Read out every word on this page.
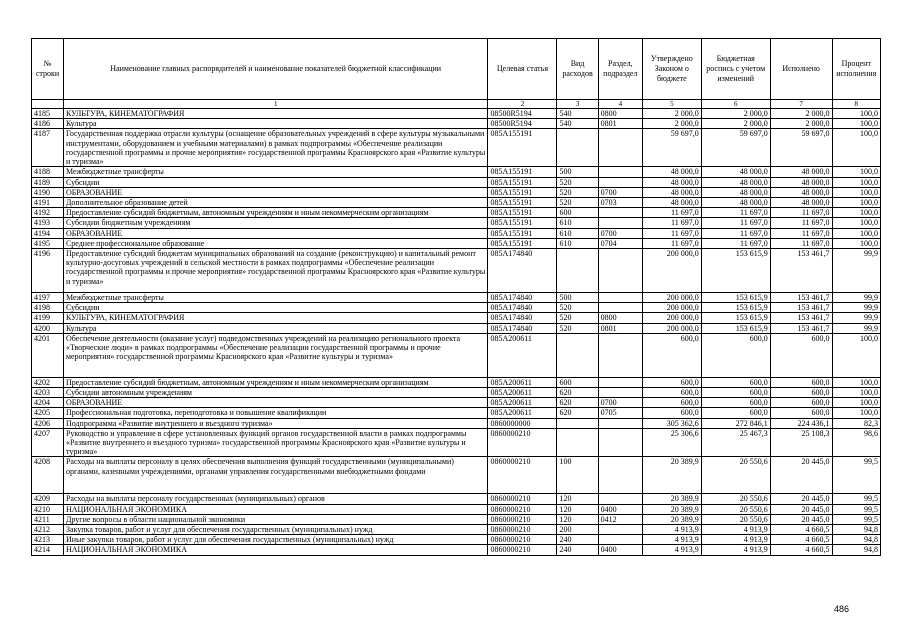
№ строки	Наименование главных распорядителей и наименование показателей бюджетной классификации	Целевая статья	Вид расходов	Раздел, подраздел	Утверждено Законом о бюджете	Бюджетная роспись с учетом изменений	Исполнено	Процент исполнения
	1	2	3	4	5	6	7	8
4185	КУЛЬТУРА, КИНЕМАТОГРАФИЯ	08500R5194	540	0800	2 000,0	2 000,0	2 000,0	100,0
4186	Культура	08500R5194	540	0801	2 000,0	2 000,0	2 000,0	100,0
4187	Государственная поддержка отрасли культуры (оснащение образовательных учреждений в сфере культуры музыкальными инструментами, оборудованием и учебными материалами) в рамках подпрограммы «Обеспечение реализации государственной программы и прочие мероприятия» государственной программы Красноярского края «Развитие культуры и туризма»	085A155191			59 697,0	59 697,0	59 697,0	100,0
4188	Межбюджетные трансферты	085A155191	500		48 000,0	48 000,0	48 000,0	100,0
4189	Субсидии	085A155191	520		48 000,0	48 000,0	48 000,0	100,0
4190	ОБРАЗОВАНИЕ	085A155191	520	0700	48 000,0	48 000,0	48 000,0	100,0
4191	Дополнительное образование детей	085A155191	520	0703	48 000,0	48 000,0	48 000,0	100,0
4192	Предоставление субсидий бюджетным, автономным учреждениям и иным некоммерческим организациям	085A155191	600		11 697,0	11 697,0	11 697,0	100,0
4193	Субсидии бюджетным учреждениям	085A155191	610		11 697,0	11 697,0	11 697,0	100,0
4194	ОБРАЗОВАНИЕ	085A155191	610	0700	11 697,0	11 697,0	11 697,0	100,0
4195	Среднее профессиональное образование	085A155191	610	0704	11 697,0	11 697,0	11 697,0	100,0
4196	Предоставление субсидий бюджетам муниципальных образований на создание (реконструкцию) и капитальный ремонт культурно-досуговых учреждений в сельской местности в рамках подпрограммы «Обеспечение реализации государственной программы и прочие мероприятия» государственной программы Красноярского края «Развитие культуры и туризма»	085A174840			200 000,0	153 615,9	153 461,7	99,9
4197	Межбюджетные трансферты	085A174840	500		200 000,0	153 615,9	153 461,7	99,9
4198	Субсидии	085A174840	520		200 000,0	153 615,9	153 461,7	99,9
4199	КУЛЬТУРА, КИНЕМАТОГРАФИЯ	085A174840	520	0800	200 000,0	153 615,9	153 461,7	99,9
4200	Культура	085A174840	520	0801	200 000,0	153 615,9	153 461,7	99,9
4201	Обеспечение деятельности (оказание услуг) подведомственных учреждений на реализацию регионального проекта «Творческие люди» в рамках подпрограммы «Обеспечение реализации государственной программы и прочие мероприятия» государственной программы Красноярского края «Развитие культуры и туризма»	085A200611			600,0	600,0	600,0	100,0
4202	Предоставление субсидий бюджетным, автономным учреждениям и иным некоммерческим организациям	085A200611	600		600,0	600,0	600,0	100,0
4203	Субсидии автономным учреждениям	085A200611	620		600,0	600,0	600,0	100,0
4204	ОБРАЗОВАНИЕ	085A200611	620	0700	600,0	600,0	600,0	100,0
4205	Профессиональная подготовка, переподготовка и повышение квалификации	085A200611	620	0705	600,0	600,0	600,0	100,0
4206	Подпрограмма «Развитие внутреннего и въездного туризма»	0860000000			305 362,6	272 846,1	224 436,1	82,3
4207	Руководство и управление в сфере установленных функций органов государственной власти в рамках подпрограммы «Развитие внутреннего и въездного туризма» государственной программы Красноярского края «Развитие культуры и туризма»	0860000210			25 306,6	25 467,3	25 108,3	98,6
4208	Расходы на выплаты персоналу в целях обеспечения выполнения функций государственными (муниципальными) органами, казенными учреждениями, органами управления государственными внебюджетными фондами	0860000210	100		20 389,9	20 550,6	20 445,0	99,5
4209	Расходы на выплаты персоналу государственных (муниципальных) органов	0860000210	120		20 389,9	20 550,6	20 445,0	99,5
4210	НАЦИОНАЛЬНАЯ ЭКОНОМИКА	0860000210	120	0400	20 389,9	20 550,6	20 445,0	99,5
4211	Другие вопросы в области национальной экономики	0860000210	120	0412	20 389,9	20 550,6	20 445,0	99,5
4212	Закупка товаров, работ и услуг для обеспечения государственных (муниципальных) нужд	0860000210	200		4 913,9	4 913,9	4 660,5	94,8
4213	Иные закупки товаров, работ и услуг для обеспечения государственных (муниципальных) нужд	0860000210	240		4 913,9	4 913,9	4 660,5	94,8
4214	НАЦИОНАЛЬНАЯ ЭКОНОМИКА	0860000210	240	0400	4 913,9	4 913,9	4 660,5	94,8
486
